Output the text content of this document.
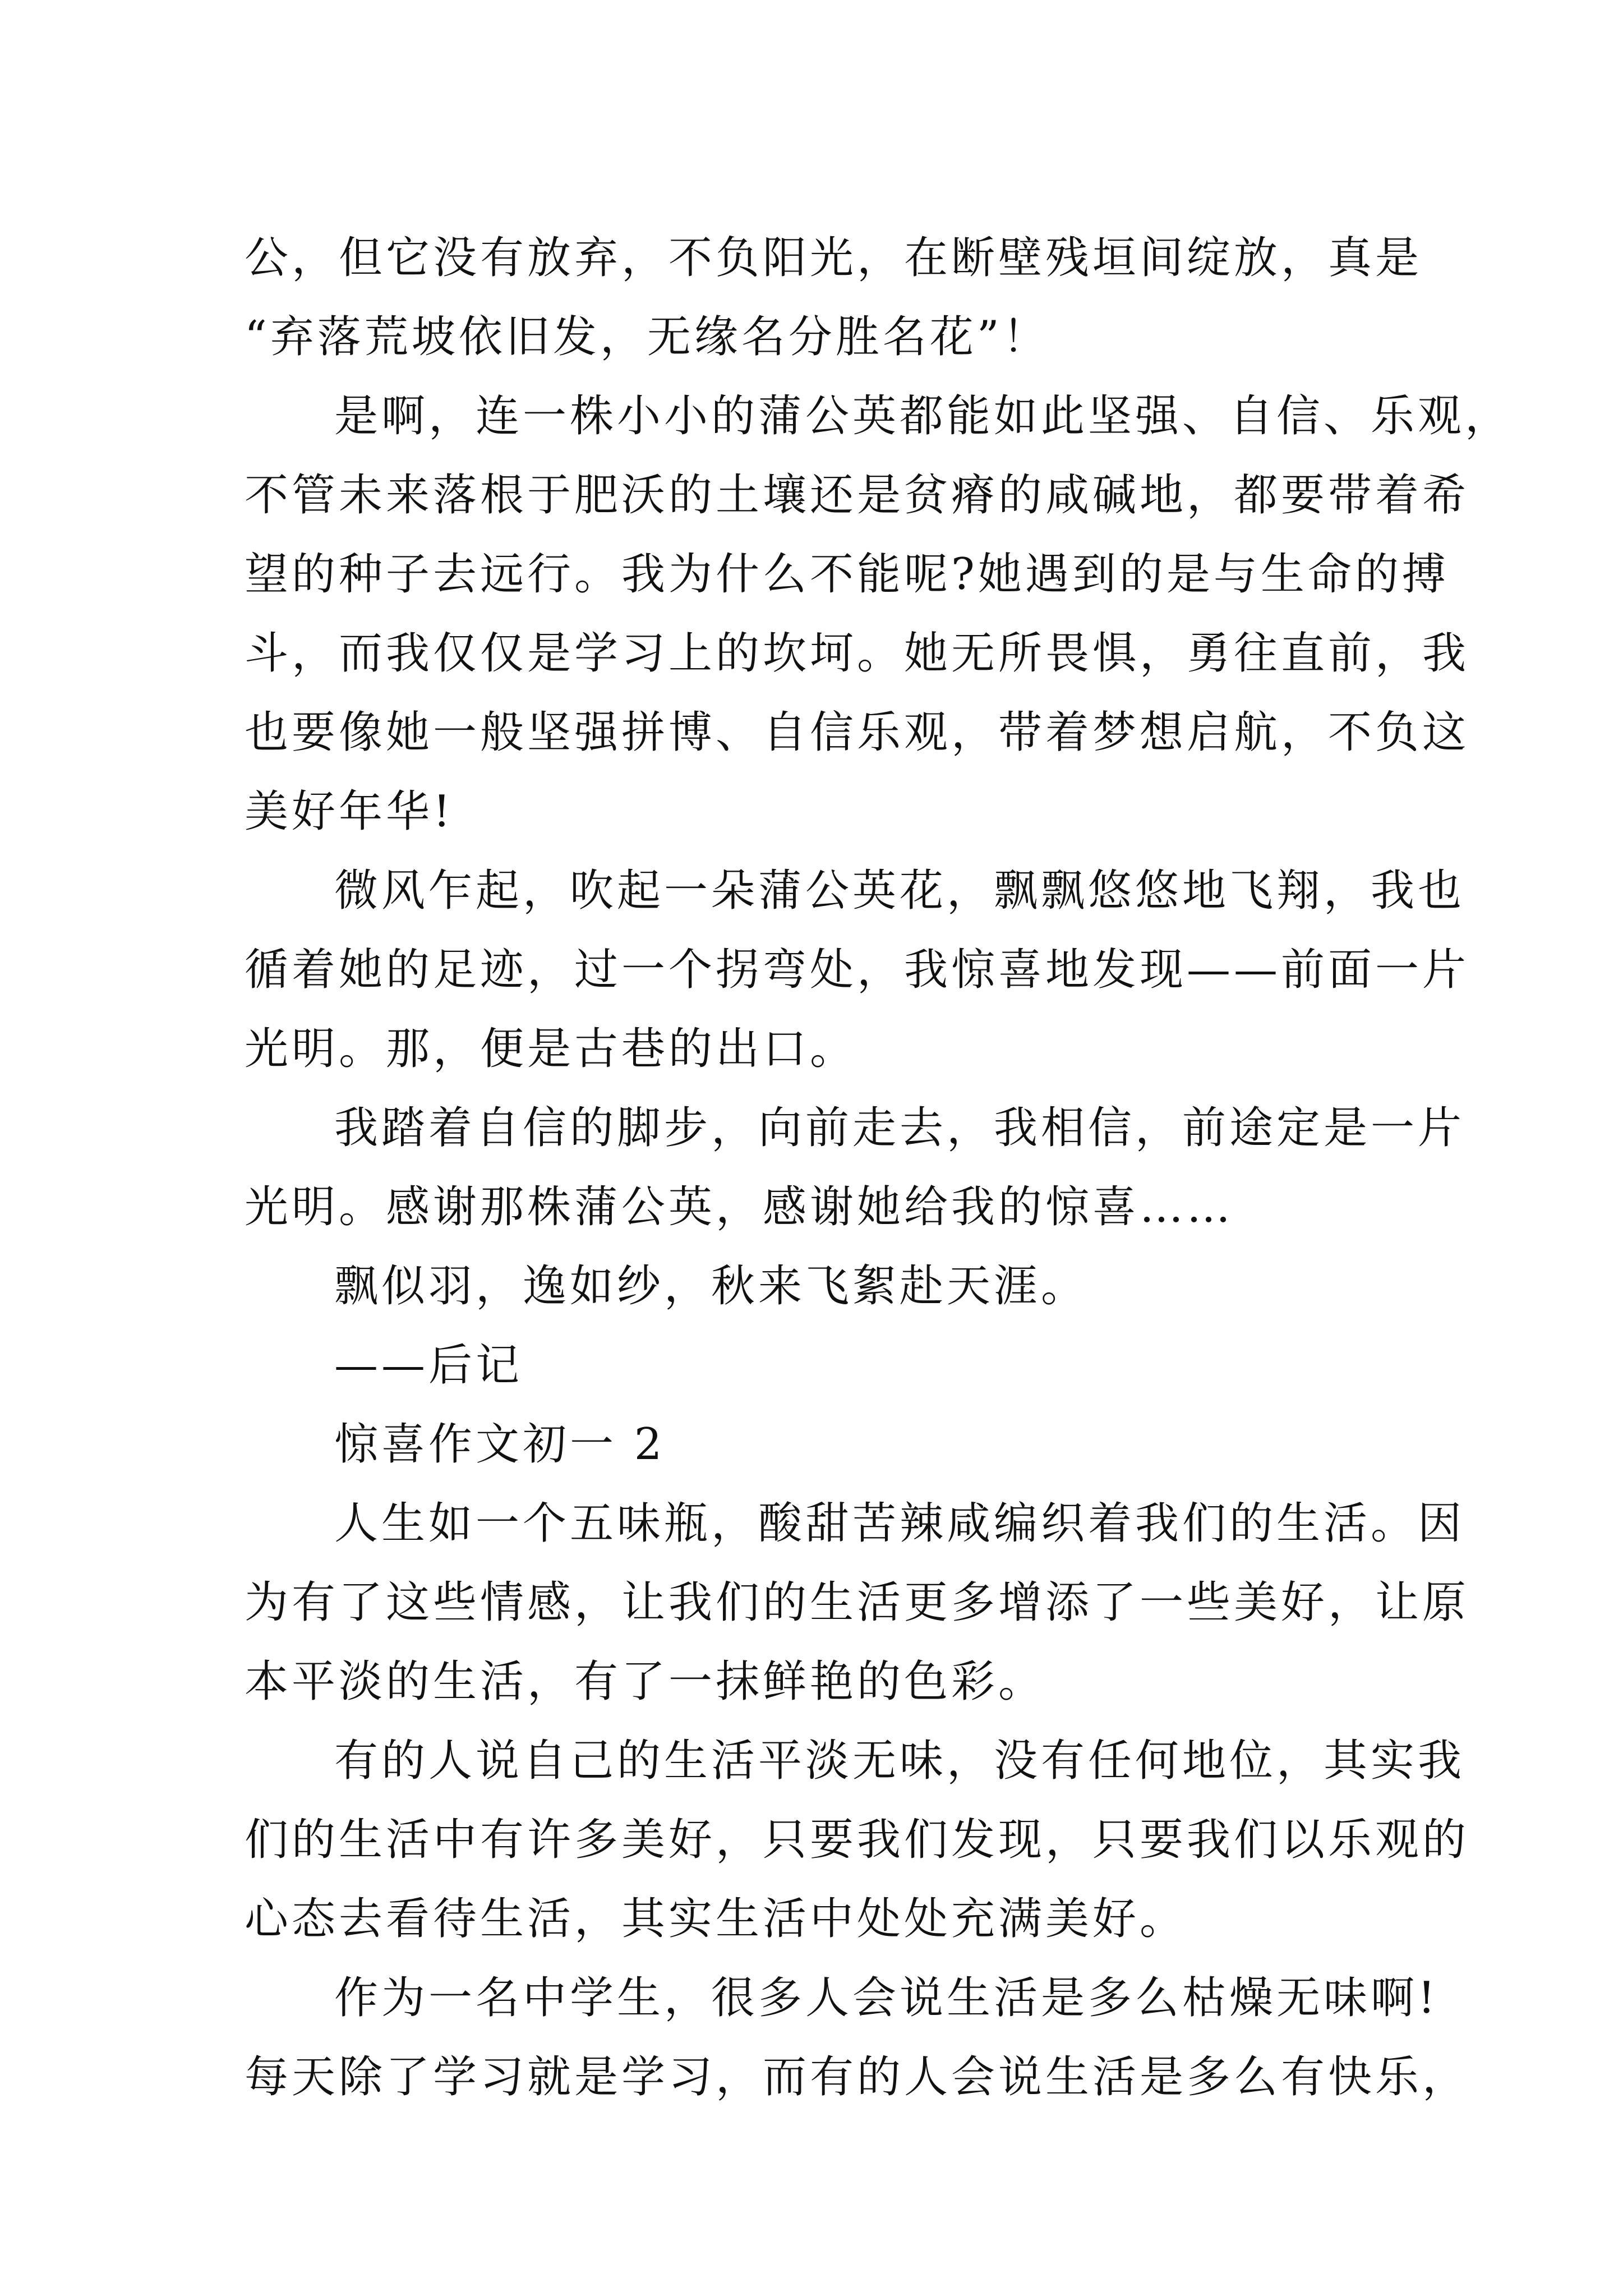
公，但它没有放弃，不负阳光，在断壁残垣间绽放，真是
“弃落荒坡依旧发，无缘名分胜名花”！
是啊，连一株小小的蒲公英都能如此坚强、自信、乐观，
不管未来落根于肥沃的土壤还是贫瘠的咸碱地，都要带着希
望的种子去远行。我为什么不能呢?她遇到的是与生命的搏
斗，而我仅仅是学习上的坎坷。她无所畏惧，勇往直前，我
也要像她一般坚强拼博、自信乐观，带着梦想启航，不负这
美好年华!
微风乍起，吹起一朵蒲公英花，飘飘悠悠地飞翔，我也
循着她的足迹，过一个拐弯处，我惊喜地发现——前面一片
光明。那，便是古巷的出口。
我踏着自信的脚步，向前走去，我相信，前途定是一片
光明。感谢那株蒲公英，感谢她给我的惊喜……
飘似羽，逸如纱，秋来飞絮赴天涯。
——后记
惊喜作文初一 2
人生如一个五味瓶，酸甜苦辣咸编织着我们的生活。因
为有了这些情感，让我们的生活更多增添了一些美好，让原
本平淡的生活，有了一抹鲜艳的色彩。
有的人说自己的生活平淡无味，没有任何地位，其实我
们的生活中有许多美好，只要我们发现，只要我们以乐观的
心态去看待生活，其实生活中处处充满美好。
作为一名中学生，很多人会说生活是多么枯燥无味啊!
每天除了学习就是学习，而有的人会说生活是多么有快乐，
